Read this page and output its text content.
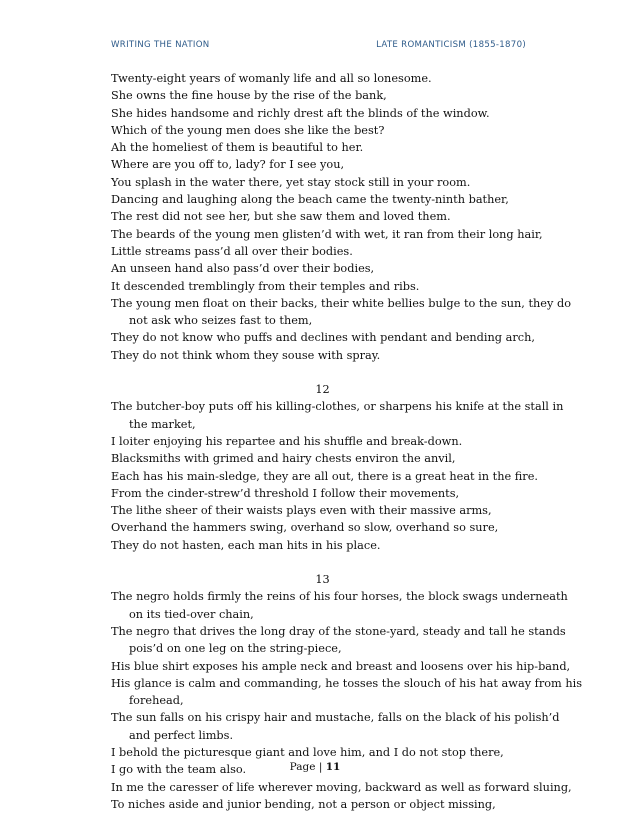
WRITING THE NATION	LATE ROMANTICISM (1855-1870)
Twenty-eight years of womanly life and all so lonesome.
She owns the fine house by the rise of the bank,
She hides handsome and richly drest aft the blinds of the window.
Which of the young men does she like the best?
Ah the homeliest of them is beautiful to her.
Where are you off to, lady? for I see you,
You splash in the water there, yet stay stock still in your room.
Dancing and laughing along the beach came the twenty-ninth bather,
The rest did not see her, but she saw them and loved them.
The beards of the young men glisten’d with wet, it ran from their long hair,
Little streams pass’d all over their bodies.
An unseen hand also pass’d over their bodies,
It descended tremblingly from their temples and ribs.
The young men float on their backs, their white bellies bulge to the sun, they do
not ask who seizes fast to them,
They do not know who puffs and declines with pendant and bending arch,
They do not think whom they souse with spray.
12
The butcher-boy puts off his killing-clothes, or sharpens his knife at the stall in
the market,
I loiter enjoying his repartee and his shuffle and break-down.
Blacksmiths with grimed and hairy chests environ the anvil,
Each has his main-sledge, they are all out, there is a great heat in the fire.
From the cinder-strew’d threshold I follow their movements,
The lithe sheer of their waists plays even with their massive arms,
Overhand the hammers swing, overhand so slow, overhand so sure,
They do not hasten, each man hits in his place.
13
The negro holds firmly the reins of his four horses, the block swags underneath
on its tied-over chain,
The negro that drives the long dray of the stone-yard, steady and tall he stands
pois’d on one leg on the string-piece,
His blue shirt exposes his ample neck and breast and loosens over his hip-band,
His glance is calm and commanding, he tosses the slouch of his hat away from his
forehead,
The sun falls on his crispy hair and mustache, falls on the black of his polish’d
and perfect limbs.
I behold the picturesque giant and love him, and I do not stop there,
I go with the team also.
In me the caresser of life wherever moving, backward as well as forward sluing,
To niches aside and junior bending, not a person or object missing,
Page | 11
